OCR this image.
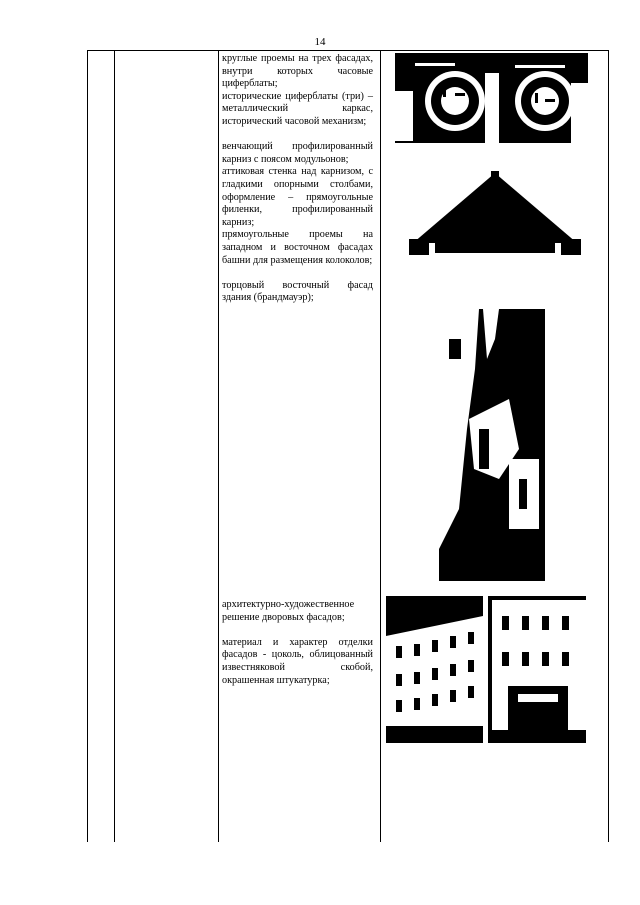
14

круглые проемы на трех фасадах, внутри которых часовые циферблаты;

исторические циферблаты (три) – металлический каркас, исторический часовой механизм;

венчающий профилированный карниз с поясом модульонов;

аттиковая стенка над карнизом, с гладкими опорными столбами, оформление – прямоугольные филенки, профилированный карниз;

прямоугольные проемы на западном и восточном фасадах башни для размещения колоколов;

торцовый восточный фасад здания (брандмауэр);

архитектурно-художественное решение дворовых фасадов;

материал и характер отделки фасадов - цоколь, облицованный известняковой скобой, окрашенная штукатурка;
